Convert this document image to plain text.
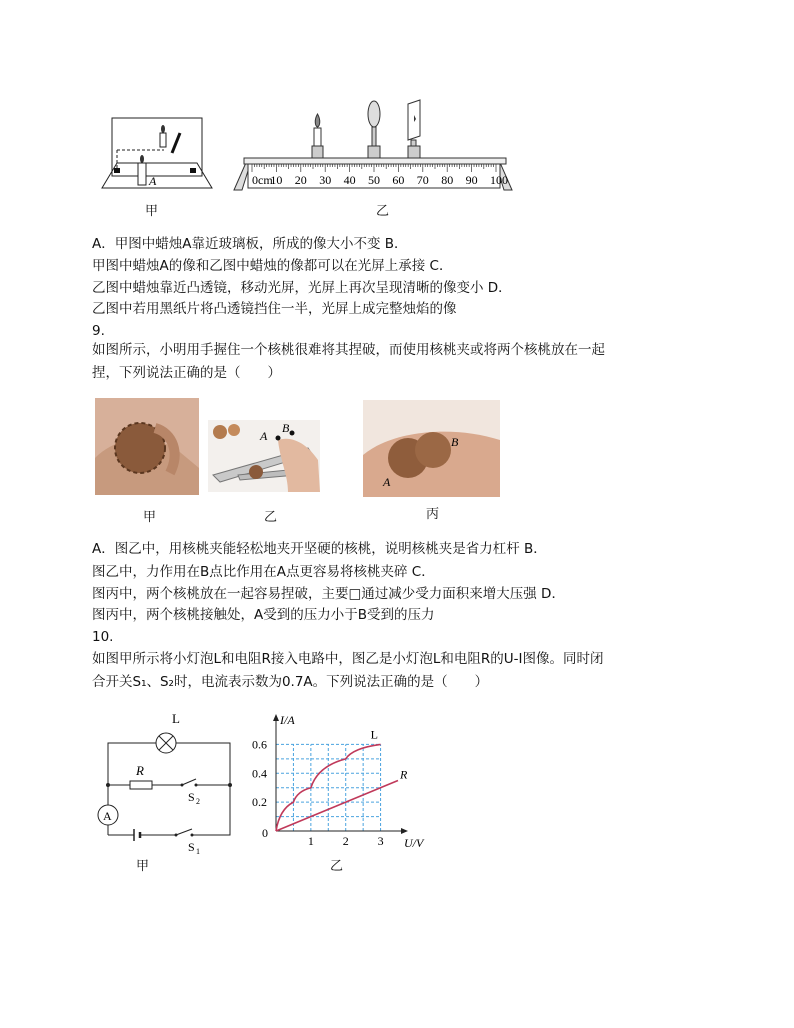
A
甲
0cm
10 20 30 40 50 60 70 80 90 100
乙
A．甲图中蜡烛A靠近玻璃板，所成的像大小不变 B．
甲图中蜡烛A的像和乙图中蜡烛的像都可以在光屏上承接 C．
乙图中蜡烛靠近凸透镜，移动光屏，光屏上再次呈现清晰的像变小 D．
乙图中若用黑纸片将凸透镜挡住一半，光屏上成完整烛焰的像
9.
如图所示，小明用手握住一个核桃很难将其捏破，而使用核桃夹或将两个核桃放在一起
捏，下列说法正确的是（　　）
甲
A
B
乙
B
A
丙
A．图乙中，用核桃夹能轻松地夹开坚硬的核桃，说明核桃夹是省力杠杆 B．
图乙中，力作用在B点比作用在A点更容易将核桃夹碎 C．
图丙中，两个核桃放在一起容易捏破，主要□通过减少受力面积来增大压强 D．
图丙中，两个核桃接触处，A受到的压力小于B受到的压力
10.
如图甲所示将小灯泡L和电阻R接入电路中，图乙是小灯泡L和电阻R的U-I图像。同时闭
合开关S₁、S₂时，电流表示数为0.7A。下列说法正确的是（　　）
A
L
R
S 2
S 1
甲
0
0.2
0.4
0.6
1 2 3
I/A
U/V
L
R
乙
